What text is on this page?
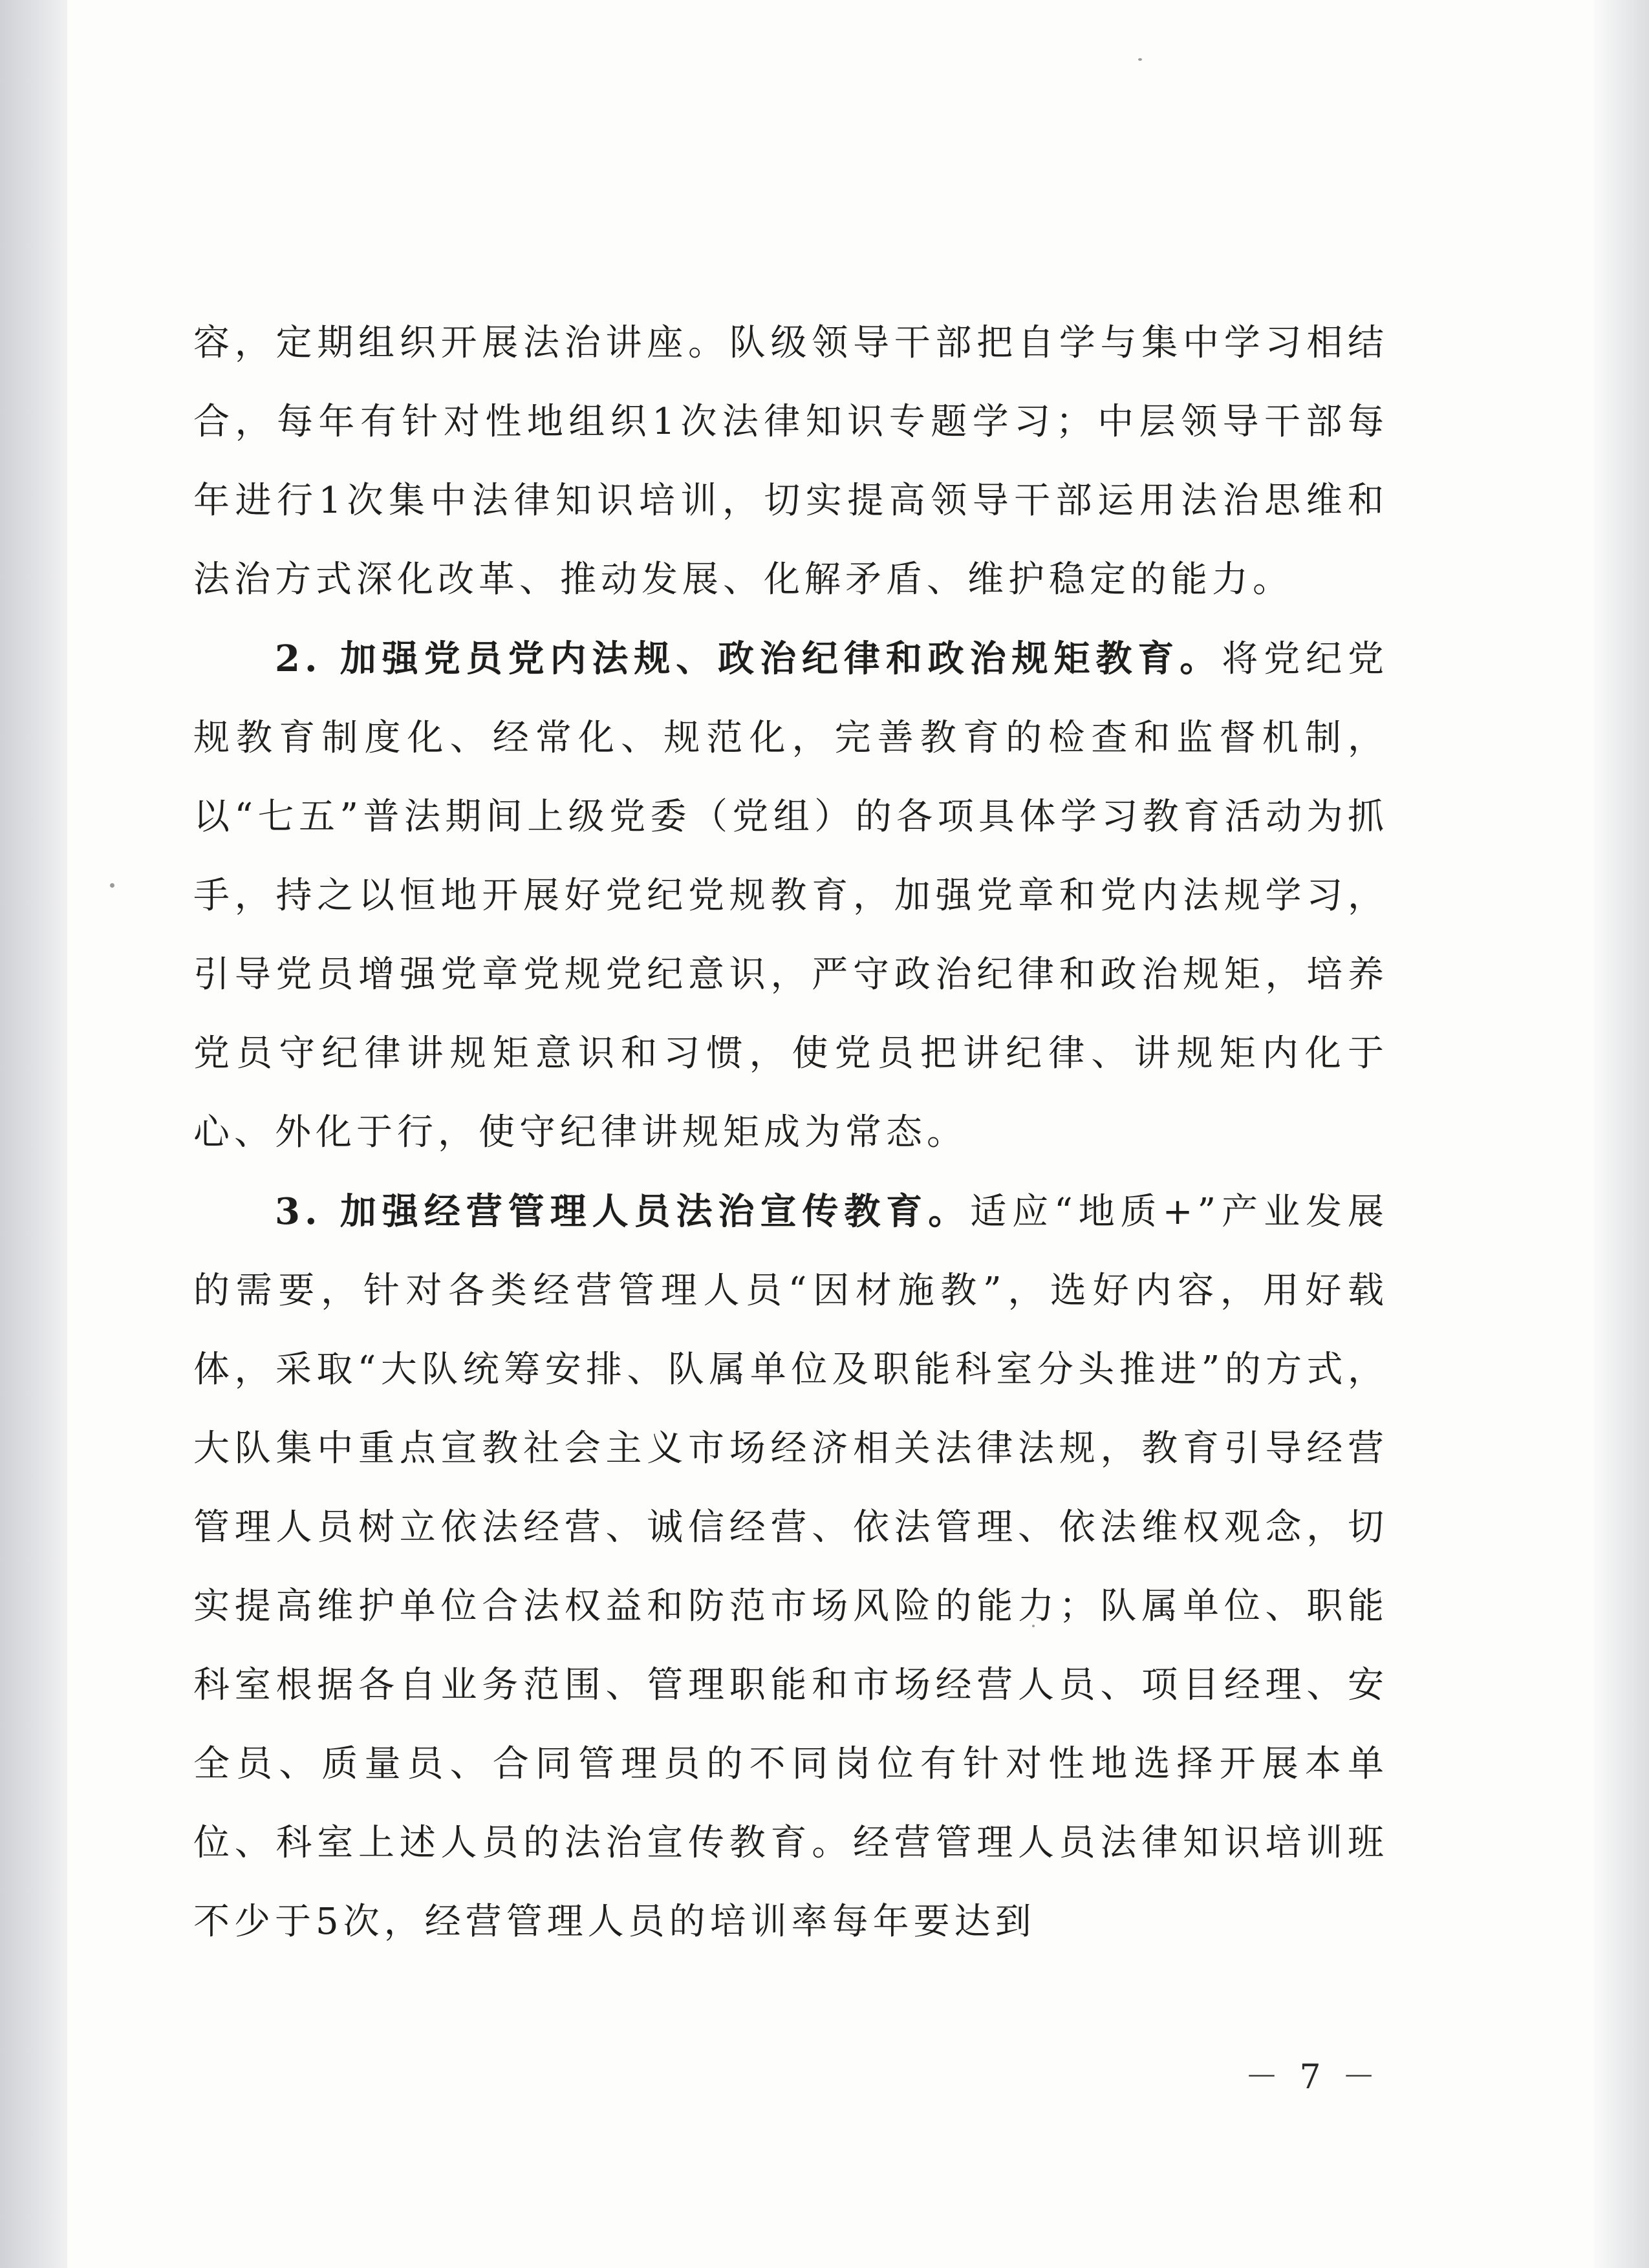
容，定期组织开展法治讲座。队级领导干部把自学与集中学习相结合，每年有针对性地组织1次法律知识专题学习；中层领导干部每年进行1次集中法律知识培训，切实提高领导干部运用法治思维和法治方式深化改革、推动发展、化解矛盾、维护稳定的能力。

2. 加强党员党内法规、政治纪律和政治规矩教育。将党纪党规教育制度化、经常化、规范化，完善教育的检查和监督机制，以“七五”普法期间上级党委（党组）的各项具体学习教育活动为抓手，持之以恒地开展好党纪党规教育，加强党章和党内法规学习，引导党员增强党章党规党纪意识，严守政治纪律和政治规矩，培养党员守纪律讲规矩意识和习惯，使党员把讲纪律、讲规矩内化于心、外化于行，使守纪律讲规矩成为常态。

3. 加强经营管理人员法治宣传教育。适应“地质+”产业发展的需要，针对各类经营管理人员“因材施教”，选好内容，用好载体，采取“大队统筹安排、队属单位及职能科室分头推进”的方式，大队集中重点宣教社会主义市场经济相关法律法规，教育引导经营管理人员树立依法经营、诚信经营、依法管理、依法维权观念，切实提高维护单位合法权益和防范市场风险的能力；队属单位、职能科室根据各自业务范围、管理职能和市场经营人员、项目经理、安全员、质量员、合同管理员的不同岗位有针对性地选择开展本单位、科室上述人员的法治宣传教育。经营管理人员法律知识培训班不少于5次，经营管理人员的培训率每年要达到

－ 7 －
